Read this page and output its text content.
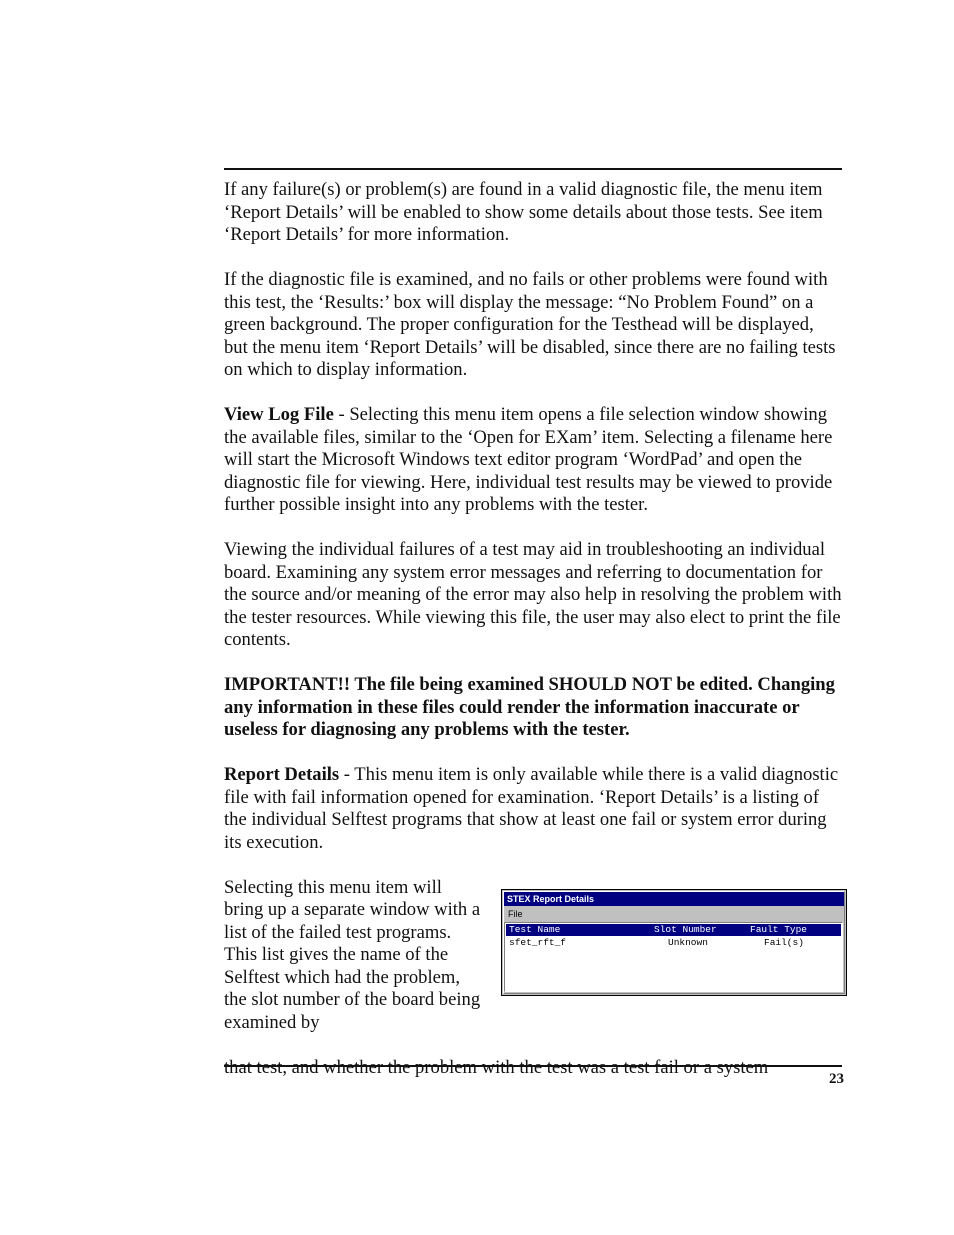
If any failure(s) or problem(s) are found in a valid diagnostic file, the menu item ‘Report Details’ will be enabled to show some details about those tests. See item ‘Report Details’ for more information.

If the diagnostic file is examined, and no fails or other problems were found with this test, the ‘Results:’ box will display the message: “No Problem Found” on a green background. The proper configuration for the Testhead will be displayed, but the menu item ‘Report Details’ will be disabled, since there are no failing tests on which to display information.

View Log File - Selecting this menu item opens a file selection window showing the available files, similar to the ‘Open for EXam’ item. Selecting a filename here will start the Microsoft Windows text editor program ‘WordPad’ and open the diagnostic file for viewing. Here, individual test results may be viewed to provide further possible insight into any problems with the tester.

Viewing the individual failures of a test may aid in troubleshooting an individual board. Examining any system error messages and referring to documentation for the source and/or meaning of the error may also help in resolving the problem with the tester resources. While viewing this file, the user may also elect to print the file contents.

IMPORTANT!! The file being examined SHOULD NOT be edited. Changing any information in these files could render the information inaccurate or useless for diagnosing any problems with the tester.

Report Details - This menu item is only available while there is a valid diagnostic file with fail information opened for examination. ‘Report Details’ is a listing of the individual Selftest programs that show at least one fail or system error during its execution.

Selecting this menu item will bring up a separate window with a list of the failed test programs. This list gives the name of the Selftest which had the problem, the slot number of the board being examined by

that test, and whether the problem with the test was a test fail or a system

STEX Report Details
File
Test Name	Slot Number	Fault Type
sfet_rft_f	Unknown	Fail(s)
23
